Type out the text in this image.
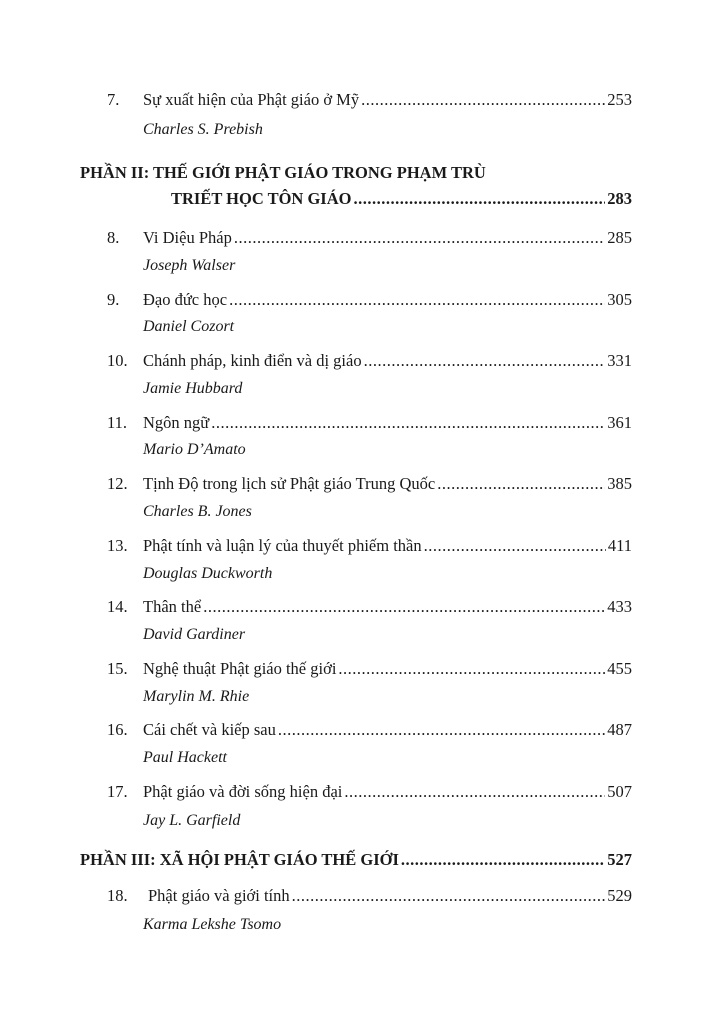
7. Sự xuất hiện của Phật giáo ở Mỹ .....	253
Charles S. Prebish
PHẦN II: THẾ GIỚI PHẬT GIÁO TRONG PHẠM TRÙ
TRIẾT HỌC TÔN GIÁO .....	283
8. Vi Diệu Pháp .....	285
Joseph Walser
9. Đạo đức học .....	305
Daniel Cozort
10. Chánh pháp, kinh điển và dị giáo .....	331
Jamie Hubbard
11. Ngôn ngữ .....	361
Mario D’Amato
12. Tịnh Độ trong lịch sử Phật giáo Trung Quốc .....	385
Charles B. Jones
13. Phật tính và luận lý của thuyết phiếm thần .....	411
Douglas Duckworth
14. Thân thể .....	433
David Gardiner
15. Nghệ thuật Phật giáo thế giới .....	455
Marylin M. Rhie
16. Cái chết và kiếp sau .....	487
Paul Hackett
17. Phật giáo và đời sống hiện đại .....	507
Jay L. Garfield
PHẦN III: XÃ HỘI PHẬT GIÁO THẾ GIỚI .....	527
18. Phật giáo và giới tính .....	529
Karma Lekshe Tsomo
